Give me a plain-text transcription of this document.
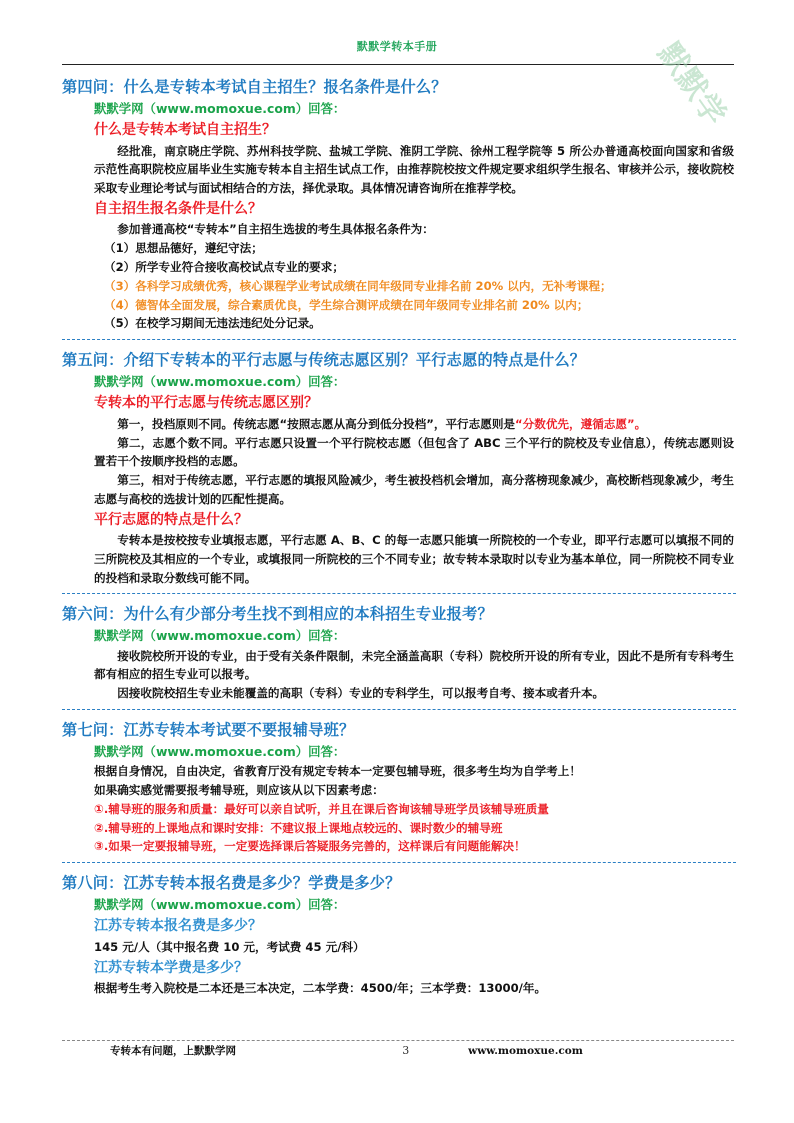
默默学
默默学转本手册
第四问：什么是专转本考试自主招生？报名条件是什么？
默默学网（www.momoxue.com）回答：
什么是专转本考试自主招生？
经批准，南京晓庄学院、苏州科技学院、盐城工学院、淮阴工学院、徐州工程学院等 5 所公办普通高校面向国家和省级示范性高职院校应届毕业生实施专转本自主招生试点工作，由推荐院校按文件规定要求组织学生报名、审核并公示，接收院校采取专业理论考试与面试相结合的方法，择优录取。具体情况请咨询所在推荐学校。
自主招生报名条件是什么？
参加普通高校“专转本”自主招生选拔的考生具体报名条件为：
（1）思想品德好，遵纪守法；
（2）所学专业符合接收高校试点专业的要求；
（3）各科学习成绩优秀，核心课程学业考试成绩在同年级同专业排名前 20% 以内，无补考课程；
（4）德智体全面发展，综合素质优良，学生综合测评成绩在同年级同专业排名前 20% 以内；
（5）在校学习期间无违法违纪处分记录。
第五问：介绍下专转本的平行志愿与传统志愿区别？平行志愿的特点是什么？
默默学网（www.momoxue.com）回答：
专转本的平行志愿与传统志愿区别？
第一，投档原则不同。传统志愿“按照志愿从高分到低分投档”，平行志愿则是“分数优先，遵循志愿”。
第二，志愿个数不同。平行志愿只设置一个平行院校志愿（但包含了 ABC 三个平行的院校及专业信息），传统志愿则设置若干个按顺序投档的志愿。
第三，相对于传统志愿，平行志愿的填报风险减少，考生被投档机会增加，高分落榜现象减少，高校断档现象减少，考生志愿与高校的选拔计划的匹配性提高。
平行志愿的特点是什么？
专转本是按校按专业填报志愿，平行志愿 A、B、C 的每一志愿只能填一所院校的一个专业，即平行志愿可以填报不同的三所院校及其相应的一个专业，或填报同一所院校的三个不同专业；故专转本录取时以专业为基本单位，同一所院校不同专业的投档和录取分数线可能不同。
第六问：为什么有少部分考生找不到相应的本科招生专业报考？
默默学网（www.momoxue.com）回答：
接收院校所开设的专业，由于受有关条件限制，未完全涵盖高职（专科）院校所开设的所有专业，因此不是所有专科考生都有相应的招生专业可以报考。
因接收院校招生专业未能覆盖的高职（专科）专业的专科学生，可以报考自考、接本或者升本。
第七问：江苏专转本考试要不要报辅导班？
默默学网（www.momoxue.com）回答：
根据自身情况，自由决定，省教育厅没有规定专转本一定要包辅导班，很多考生均为自学考上！
如果确实感觉需要报考辅导班，则应该从以下因素考虑：
①.辅导班的服务和质量：最好可以亲自试听，并且在课后咨询该辅导班学员该辅导班质量
②.辅导班的上课地点和课时安排：不建议报上课地点较远的、课时数少的辅导班
③.如果一定要报辅导班，一定要选择课后答疑服务完善的，这样课后有问题能解决！
第八问：江苏专转本报名费是多少？学费是多少？
默默学网（www.momoxue.com）回答：
江苏专转本报名费是多少？
145 元/人（其中报名费 10 元，考试费 45 元/科）
江苏专转本学费是多少？
根据考生考入院校是二本还是三本决定，二本学费：4500/年；三本学费：13000/年。
专转本有问题，上默默学网	3	www.momoxue.com
